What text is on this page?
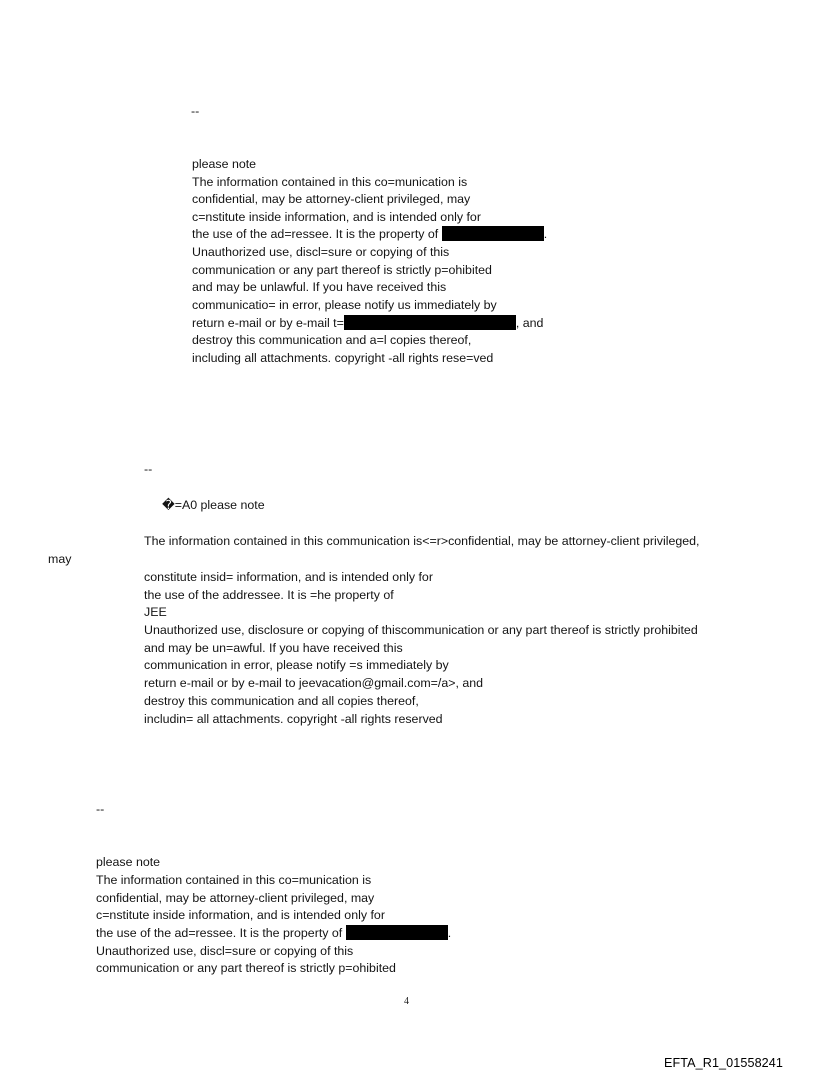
--
please note
The information contained in this co=munication is
confidential, may be attorney-client privileged, may
c=nstitute inside information, and is intended only for
the use of the ad=ressee. It is the property of	.
Unauthorized use, discl=sure or copying of this
communication or any part thereof is strictly p=ohibited
and may be unlawful. If you have received this
communicatio= in error, please notify us immediately by
return e-mail or by e-mail t=	, and
destroy this communication and a=l copies thereof,
including all attachments. copyright -all rights rese=ved
--
�=A0 please note
The information contained in this communication is<=r>confidential, may be attorney-client privileged,
may
constitute insid= information, and is intended only for
the use of the addressee. It is =he property of
JEE
Unauthorized use, disclosure or copying of thiscommunication or any part thereof is strictly prohibited
and may be un=awful. If you have received this
communication in error, please notify =s immediately by
return e-mail or by e-mail to jeevacation@gmail.com=/a>, and
destroy this communication and all copies thereof,
includin= all attachments. copyright -all rights reserved
--
please note
The information contained in this co=munication is
confidential, may be attorney-client privileged, may
c=nstitute inside information, and is intended only for
the use of the ad=ressee. It is the property of	.
Unauthorized use, discl=sure or copying of this
communication or any part thereof is strictly p=ohibited
4
EFTA_R1_01558241
